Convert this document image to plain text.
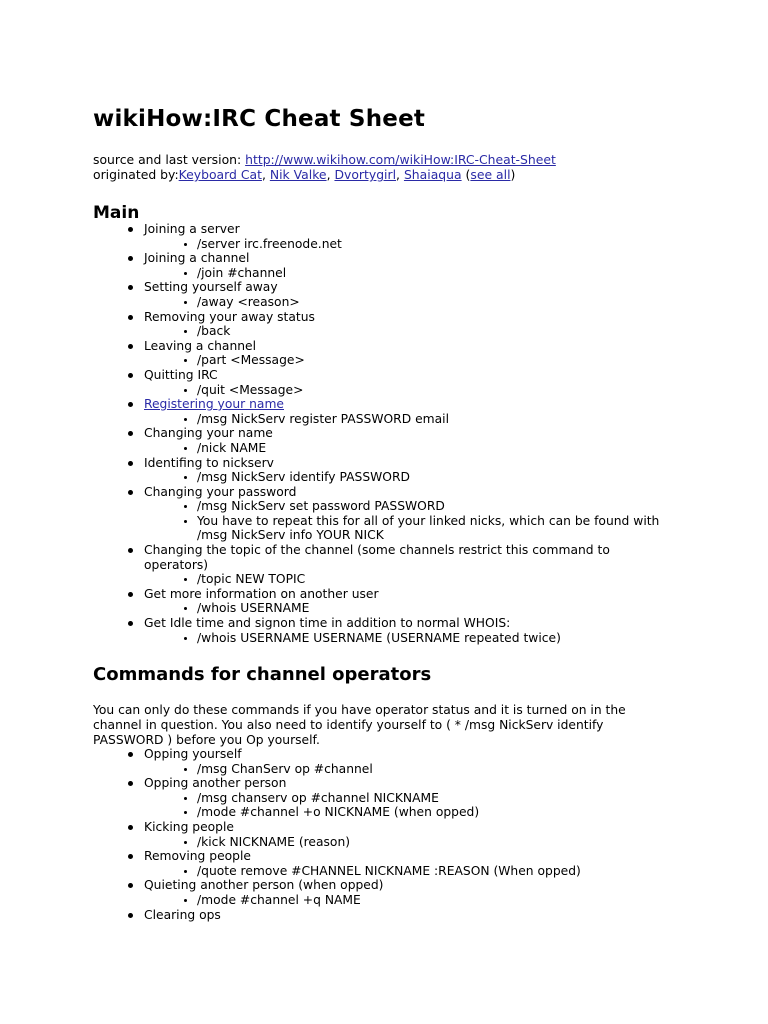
wikiHow:IRC Cheat Sheet
source and last version: http://www.wikihow.com/wikiHow:IRC-Cheat-Sheet
originated by:Keyboard Cat, Nik Valke, Dvortygirl, Shaiaqua (see all)
Main
Joining a server
/server irc.freenode.net
Joining a channel
/join #channel
Setting yourself away
/away <reason>
Removing your away status
/back
Leaving a channel
/part <Message>
Quitting IRC
/quit <Message>
Registering your name
/msg NickServ register PASSWORD email
Changing your name
/nick NAME
Identifing to nickserv
/msg NickServ identify PASSWORD
Changing your password
/msg NickServ set password PASSWORD
You have to repeat this for all of your linked nicks, which can be found with /msg NickServ info YOUR NICK
Changing the topic of the channel (some channels restrict this command to operators)
/topic NEW TOPIC
Get more information on another user
/whois USERNAME
Get Idle time and signon time in addition to normal WHOIS:
/whois USERNAME USERNAME (USERNAME repeated twice)
Commands for channel operators
You can only do these commands if you have operator status and it is turned on in the channel in question. You also need to identify yourself to ( * /msg NickServ identify PASSWORD ) before you Op yourself.
Opping yourself
/msg ChanServ op #channel
Opping another person
/msg chanserv op #channel NICKNAME
/mode #channel +o NICKNAME (when opped)
Kicking people
/kick NICKNAME (reason)
Removing people
/quote remove #CHANNEL NICKNAME :REASON (When opped)
Quieting another person (when opped)
/mode #channel +q NAME
Clearing ops
